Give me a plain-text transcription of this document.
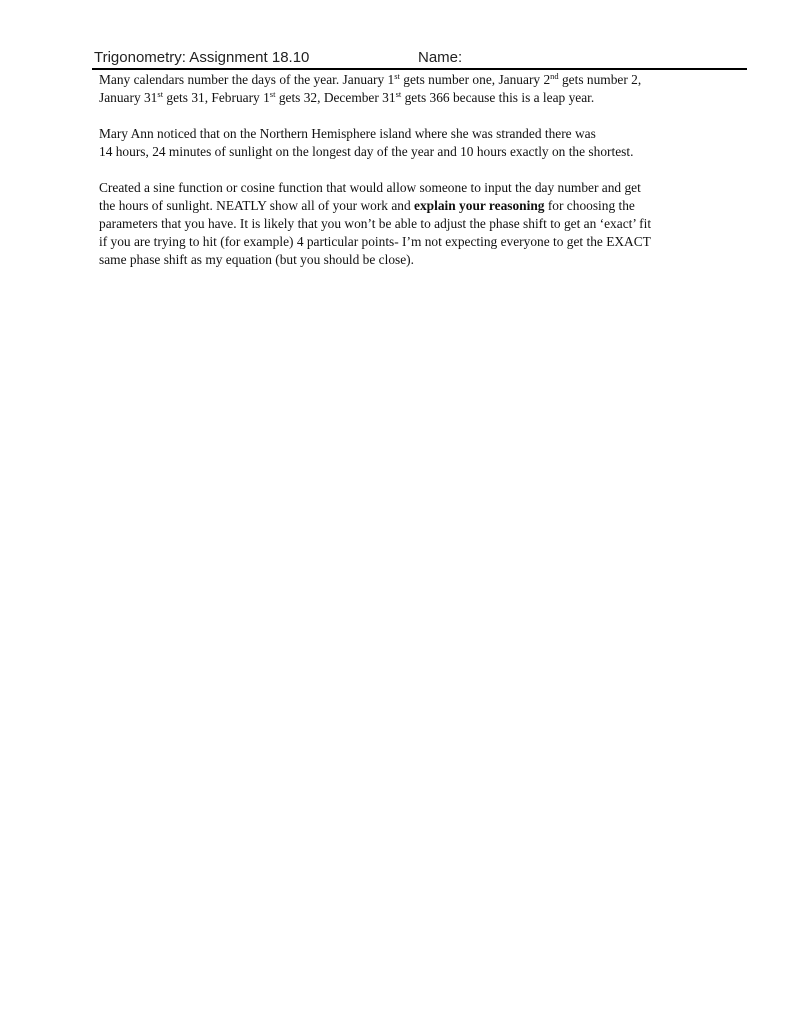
Trigonometry: Assignment 18.10	Name:

Many calendars number the days of the year. January 1st gets number one, January 2nd gets number 2,
January 31st gets 31, February 1st gets 32, December 31st gets 366 because this is a leap year.

Mary Ann noticed that on the Northern Hemisphere island where she was stranded there was
14 hours, 24 minutes of sunlight on the longest day of the year and 10 hours exactly on the shortest.

Created a sine function or cosine function that would allow someone to input the day number and get
the hours of sunlight. NEATLY show all of your work and explain your reasoning for choosing the
parameters that you have. It is likely that you won’t be able to adjust the phase shift to get an ‘exact’ fit
if you are trying to hit (for example) 4 particular points- I’m not expecting everyone to get the EXACT
same phase shift as my equation (but you should be close).
